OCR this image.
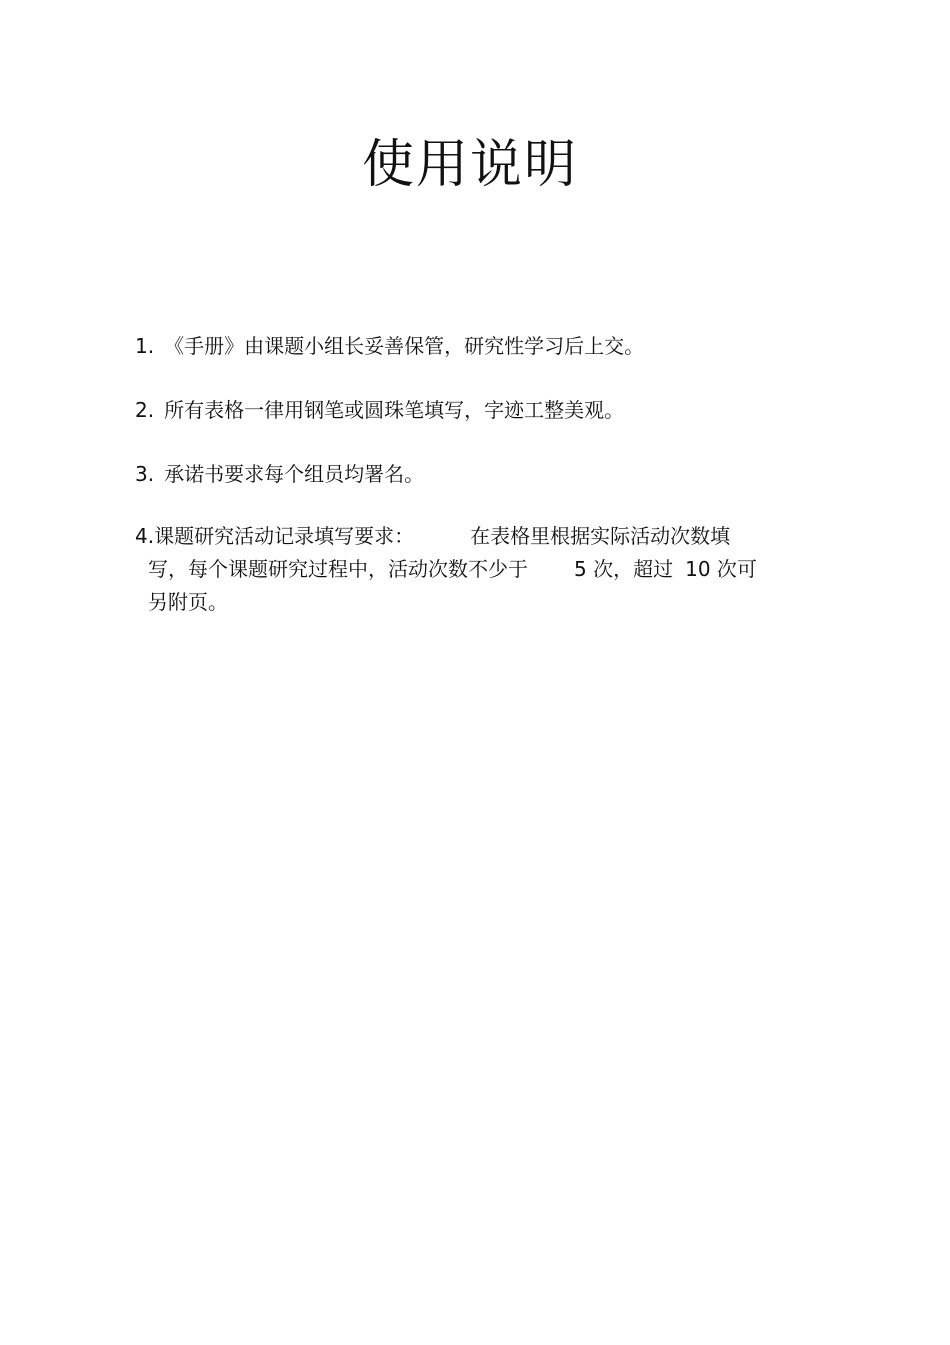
使用说明
1. 《手册》由课题小组长妥善保管，研究性学习后上交。
2. 所有表格一律用钢笔或圆珠笔填写，字迹工整美观。
3. 承诺书要求每个组员均署名。
4.课题研究活动记录填写要求：	在表格里根据实际活动次数填
写，每个课题研究过程中，活动次数不少于 5 次，超过 10 次可
另附页。
